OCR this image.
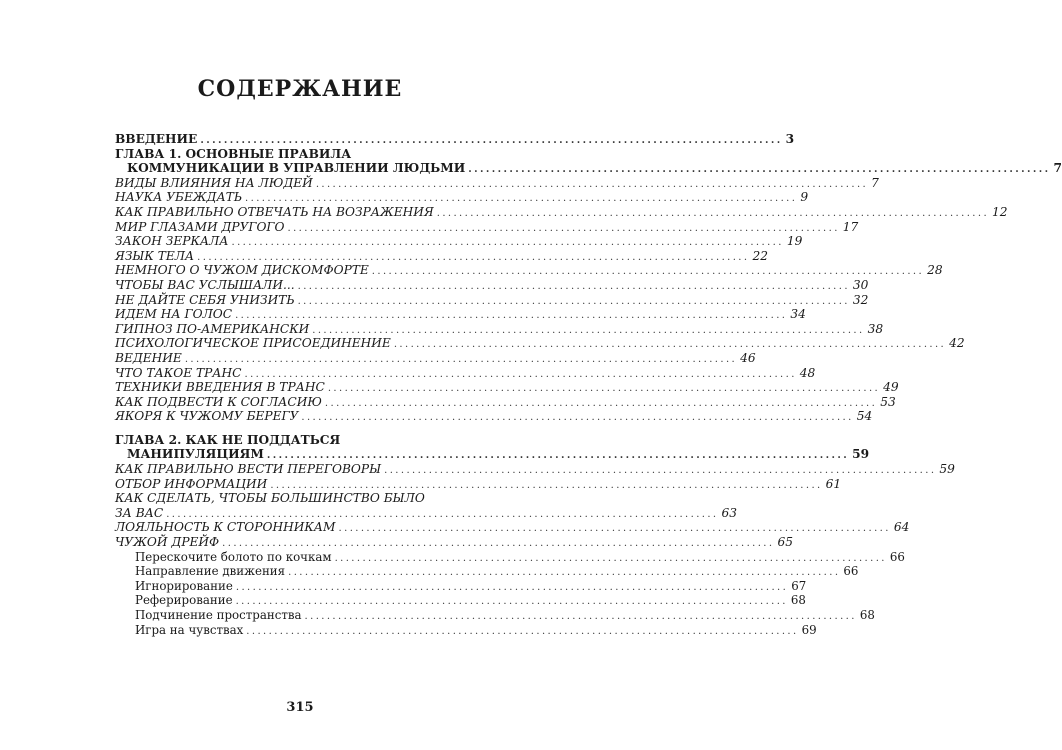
СОДЕРЖАНИЕ
ВВЕДЕНИЕ ................................................................................................... 3
ГЛАВА 1. ОСНОВНЫЕ ПРАВИЛА
КОММУНИКАЦИИ В УПРАВЛЕНИИ ЛЮДЬМИ ................................................................................................... 7
ВИДЫ ВЛИЯНИЯ НА ЛЮДЕЙ ................................................................................................... 7
НАУКА УБЕЖДАТЬ ................................................................................................... 9
КАК ПРАВИЛЬНО ОТВЕЧАТЬ НА ВОЗРАЖЕНИЯ ................................................................................................... 12
МИР ГЛАЗАМИ ДРУГОГО ................................................................................................... 17
ЗАКОН ЗЕРКАЛА ................................................................................................... 19
ЯЗЫК ТЕЛА ................................................................................................... 22
НЕМНОГО О ЧУЖОМ ДИСКОМФОРТЕ ................................................................................................... 28
ЧТОБЫ ВАС УСЛЫШАЛИ... ................................................................................................... 30
НЕ ДАЙТЕ СЕБЯ УНИЗИТЬ ................................................................................................... 32
ИДЕМ НА ГОЛОС ................................................................................................... 34
ГИПНОЗ ПО-АМЕРИКАНСКИ ................................................................................................... 38
ПСИХОЛОГИЧЕСКОЕ ПРИСОЕДИНЕНИЕ ................................................................................................... 42
ВЕДЕНИЕ ................................................................................................... 46
ЧТО ТАКОЕ ТРАНС ................................................................................................... 48
ТЕХНИКИ ВВЕДЕНИЯ В ТРАНС ................................................................................................... 49
КАК ПОДВЕСТИ К СОГЛАСИЮ ................................................................................................... 53
ЯКОРЯ К ЧУЖОМУ БЕРЕГУ ................................................................................................... 54
ГЛАВА 2. КАК НЕ ПОДДАТЬСЯ
МАНИПУЛЯЦИЯМ ................................................................................................... 59
КАК ПРАВИЛЬНО ВЕСТИ ПЕРЕГОВОРЫ ................................................................................................... 59
ОТБОР ИНФОРМАЦИИ ................................................................................................... 61
КАК СДЕЛАТЬ, ЧТОБЫ БОЛЬШИНСТВО БЫЛО
ЗА ВАС ................................................................................................... 63
ЛОЯЛЬНОСТЬ К СТОРОННИКАМ ................................................................................................... 64
ЧУЖОЙ ДРЕЙФ ................................................................................................... 65
Перескочите болото по кочкам ................................................................................................... 66
Направление движения ................................................................................................... 66
Игнорирование ................................................................................................... 67
Реферирование ................................................................................................... 68
Подчинение пространства ................................................................................................... 68
Игра на чувствах ................................................................................................... 69
315
